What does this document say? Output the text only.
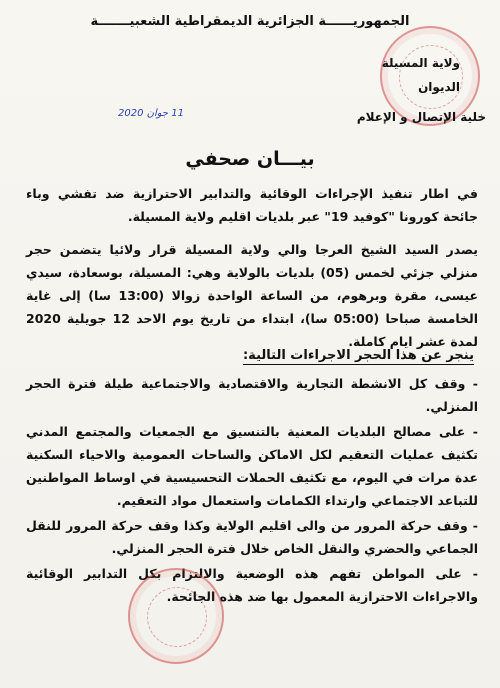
الجمهوريــــــة الجزائرية الديمقراطية الشعبيـــــــة
ولاية المسيلة
الديوان
خلية الإتصال و الإعلام
11 جوان 2020
بيـــان صحفي
في اطار تنفيذ الإجراءات الوقائية والتدابير الاحترازية ضد تفشي وباء جائحة كورونا "كوفيد 19" عبر بلديات اقليم ولاية المسيلة.
يصدر السيد الشيخ العرجا والي ولاية المسيلة قرار ولائيا يتضمن حجر منزلي جزئي لخمس (05) بلديات بالولاية وهي: المسيلة، بوسعادة، سيدي عيسى، مقرة وبرهوم، من الساعة الواحدة زوالا (13:00 سا) إلى غاية الخامسة صباحا (05:00 سا)، ابتداء من تاريخ يوم الاحد 12 جويلية 2020 لمدة عشر ايام كاملة.
ينجر عن هذا الحجر الاجراءات التالية:
- وقف كل الانشطة التجارية والاقتصادية والاجتماعية طيلة فترة الحجر المنزلي.
- على مصالح البلديات المعنية بالتنسيق مع الجمعيات والمجتمع المدني تكثيف عمليات التعقيم لكل الاماكن والساحات العمومية والاحياء السكنية عدة مرات في اليوم، مع تكثيف الحملات التحسيسية في اوساط المواطنين للتباعد الاجتماعي وارتداء الكمامات واستعمال مواد التعقيم.
- وقف حركة المرور من والى اقليم الولاية وكذا وقف حركة المرور للنقل الجماعي والحضري والنقل الخاص خلال فترة الحجر المنزلي.
- على المواطن تفهم هذه الوضعية والالتزام بكل التدابير الوقائية والاجراءات الاحترازية المعمول بها ضد هذه الجائحة.
